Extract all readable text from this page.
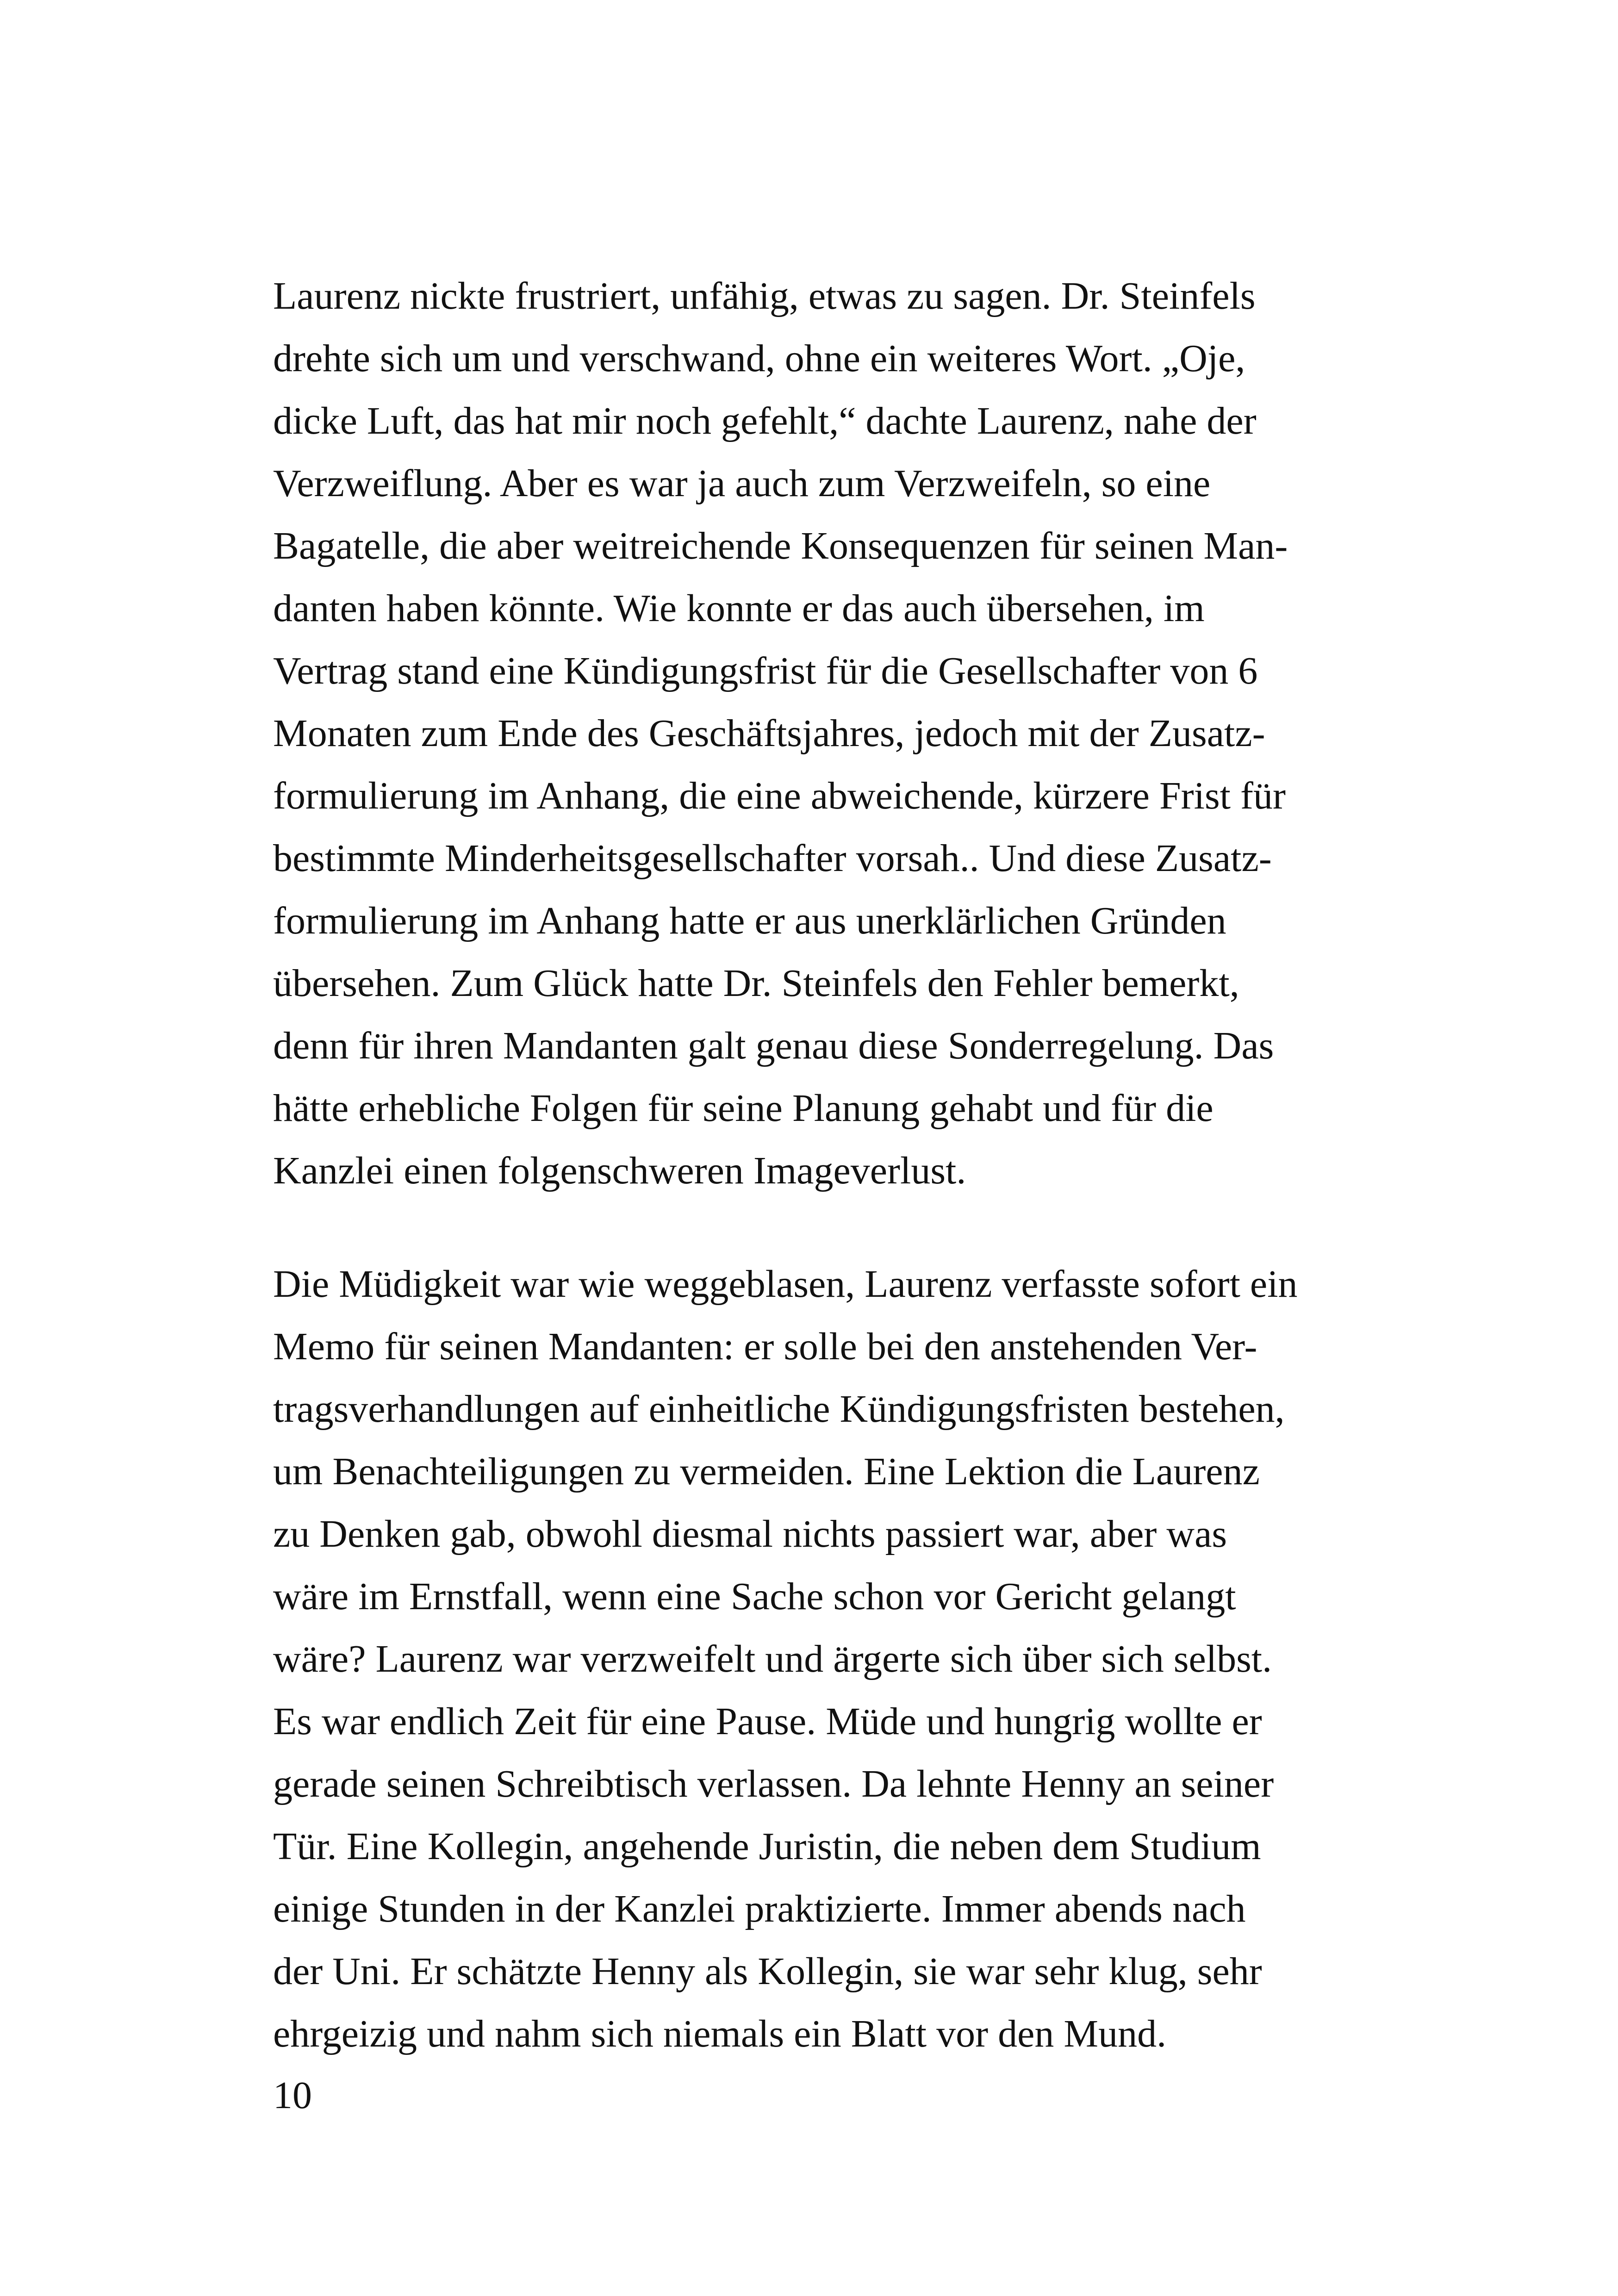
Laurenz nickte frustriert, unfähig, etwas zu sagen. Dr. Steinfels
drehte sich um und verschwand, ohne ein weiteres Wort. „Oje,
dicke Luft, das hat mir noch gefehlt,“ dachte Laurenz, nahe der
Verzweiflung. Aber es war ja auch zum Verzweifeln, so eine
Bagatelle, die aber weitreichende Konsequenzen für seinen Man-
danten haben könnte. Wie konnte er das auch übersehen, im
Vertrag stand eine Kündigungsfrist für die Gesellschafter von 6
Monaten zum Ende des Geschäftsjahres, jedoch mit der Zusatz-
formulierung im Anhang, die eine abweichende, kürzere Frist für
bestimmte Minderheitsgesellschafter vorsah.. Und diese Zusatz-
formulierung im Anhang hatte er aus unerklärlichen Gründen
übersehen. Zum Glück hatte Dr. Steinfels den Fehler bemerkt,
denn für ihren Mandanten galt genau diese Sonderregelung. Das
hätte erhebliche Folgen für seine Planung gehabt und für die
Kanzlei einen folgenschweren Imageverlust.
Die Müdigkeit war wie weggeblasen, Laurenz verfasste sofort ein
Memo für seinen Mandanten: er solle bei den anstehenden Ver-
tragsverhandlungen auf einheitliche Kündigungsfristen bestehen,
um Benachteiligungen zu vermeiden. Eine Lektion die Laurenz
zu Denken gab, obwohl diesmal nichts passiert war, aber was
wäre im Ernstfall, wenn eine Sache schon vor Gericht gelangt
wäre? Laurenz war verzweifelt und ärgerte sich über sich selbst.
Es war endlich Zeit für eine Pause. Müde und hungrig wollte er
gerade seinen Schreibtisch verlassen. Da lehnte Henny an seiner
Tür. Eine Kollegin, angehende Juristin, die neben dem Studium
einige Stunden in der Kanzlei praktizierte. Immer abends nach
der Uni. Er schätzte Henny als Kollegin, sie war sehr klug, sehr
ehrgeizig und nahm sich niemals ein Blatt vor den Mund.
10
